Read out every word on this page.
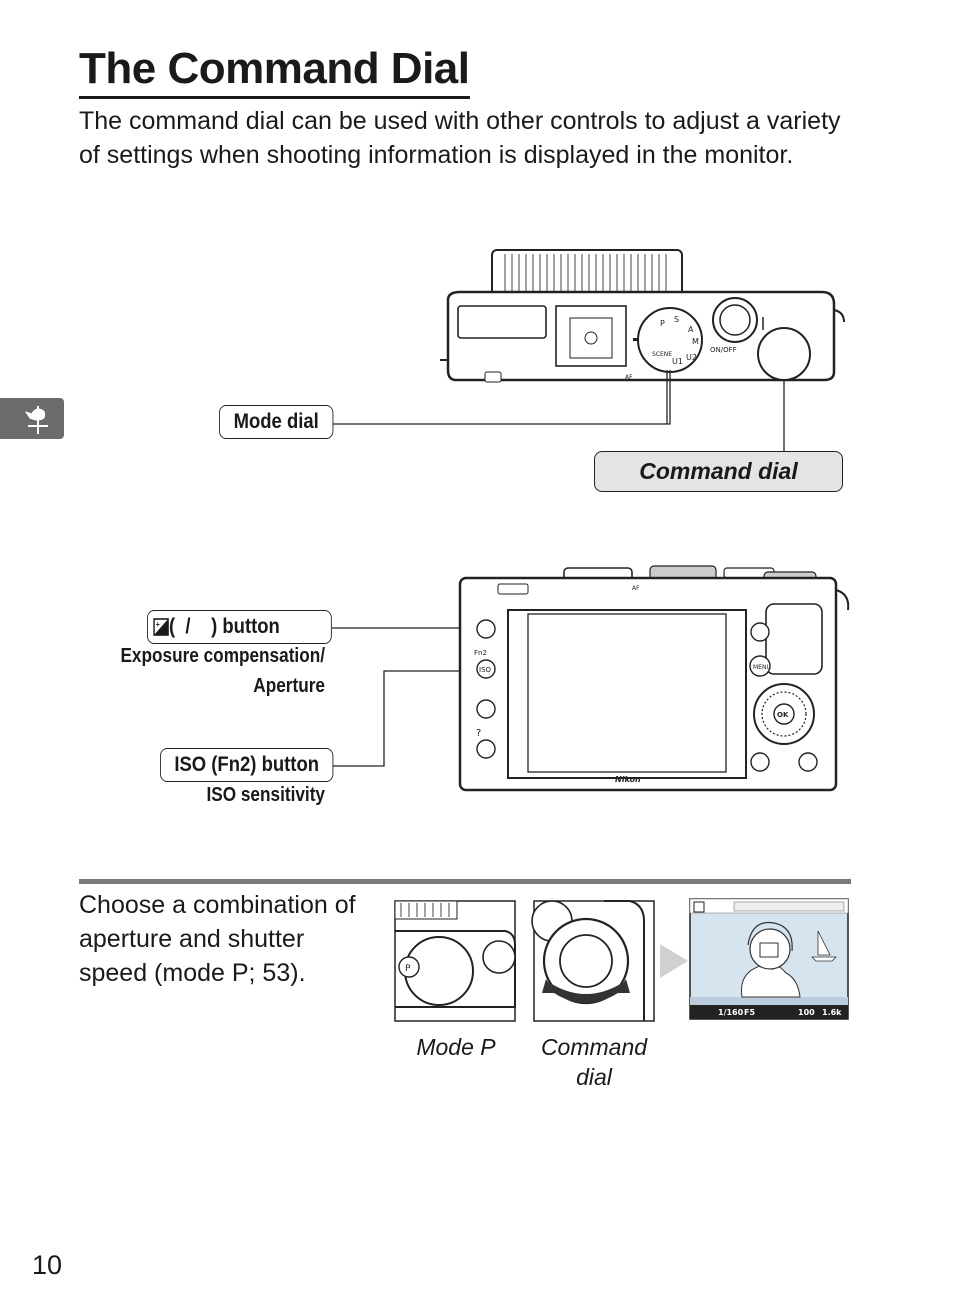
The Command Dial

The command dial can be used with other controls to adjust a variety of settings when shooting information is displayed in the monitor.

P S
A
M
U2
U1
SCENE
ON/OFF
AF
Mode dial
Command dial
Fn2
ISO
?
MENU
OK
Nikon
AF
+ (  /    ) button
Exposure compensation/
Aperture
ISO (Fn2) button
ISO sensitivity

Choose a combination of aperture and shutter speed (mode P; 53).	P
1/160 F5	100 1.6k
Mode P	Command dial
10
